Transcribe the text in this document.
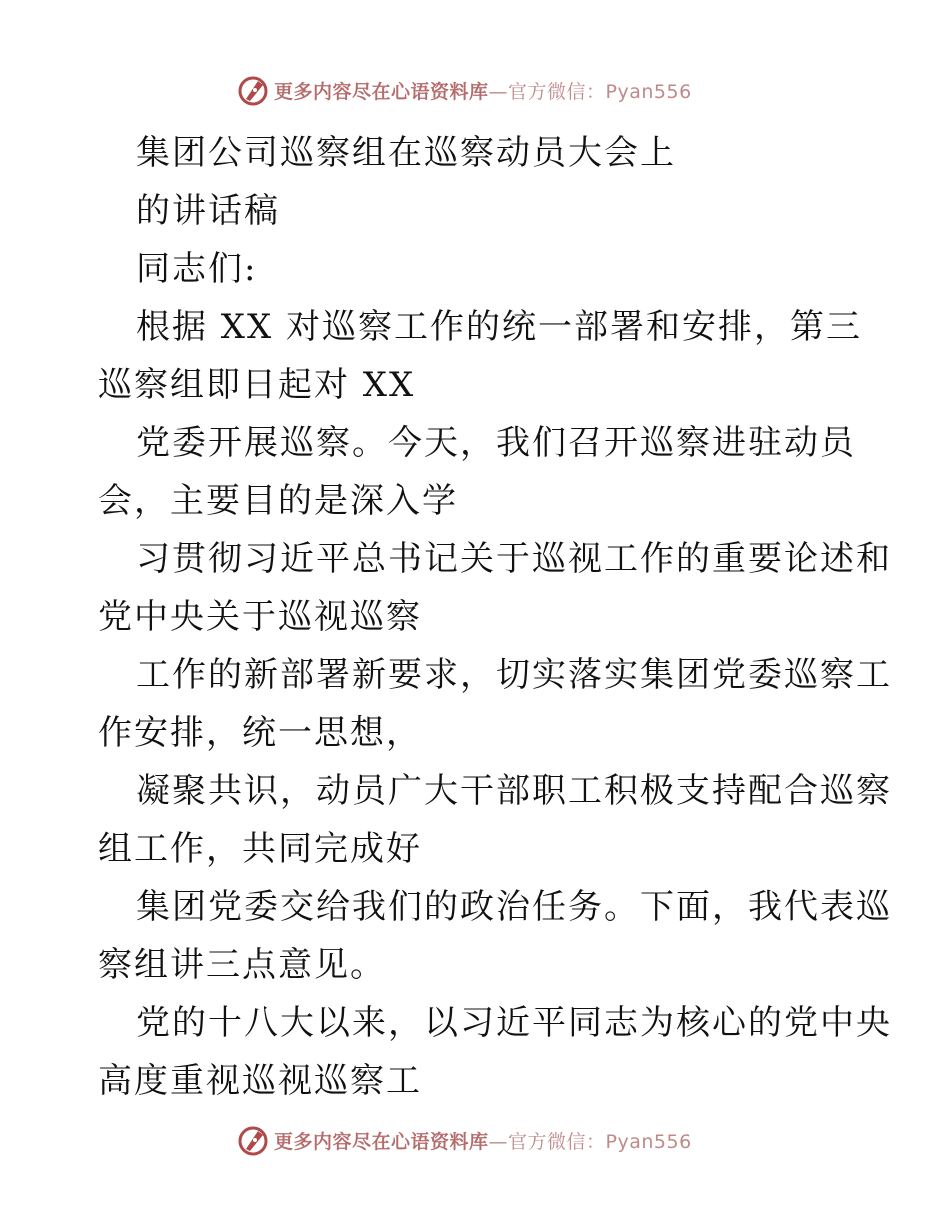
更多内容尽在心语资料库—官方微信：Pyan556
集团公司巡察组在巡察动员大会上
的讲话稿
同志们:
根据 XX 对巡察工作的统一部署和安排，第三
巡察组即日起对 XX
党委开展巡察。今天，我们召开巡察进驻动员
会，主要目的是深入学
习贯彻习近平总书记关于巡视工作的重要论述和
党中央关于巡视巡察
工作的新部署新要求，切实落实集团党委巡察工
作安排，统一思想，
凝聚共识，动员广大干部职工积极支持配合巡察
组工作，共同完成好
集团党委交给我们的政治任务。下面，我代表巡
察组讲三点意见。
党的十八大以来，以习近平同志为核心的党中央
高度重视巡视巡察工
更多内容尽在心语资料库—官方微信：Pyan556
